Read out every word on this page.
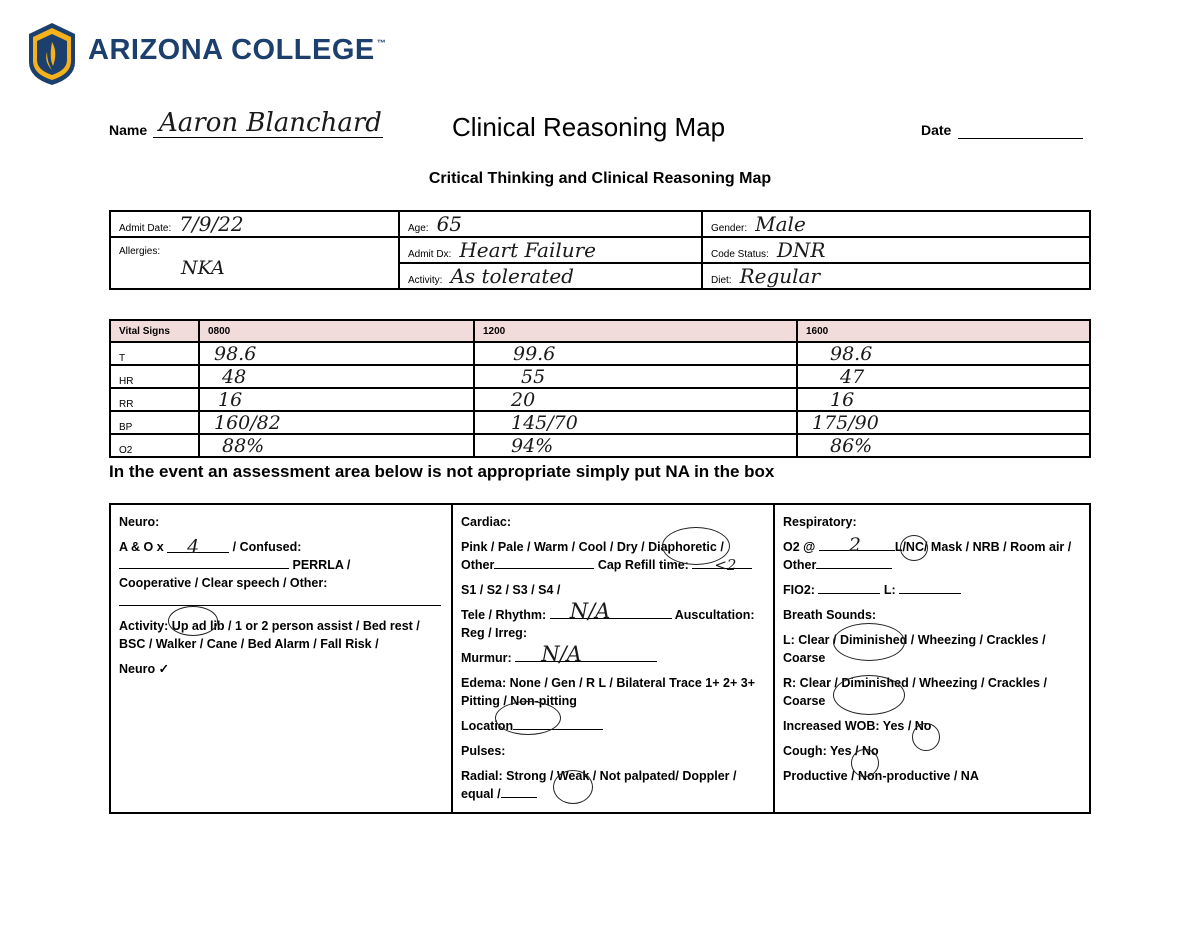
ARIZONA COLLEGE ™
Name Aaron Blanchard	Clinical Reasoning Map	Date
Critical Thinking and Clinical Reasoning Map
Admit Date: 7/9/22	Age: 65	Gender: Male

Allergies:
NKA	Admit Dx: Heart Failure	Code Status: DNR
	Activity: As tolerated	Diet: Regular
Vital Signs	0800	1200	1600
T	98.6	99.6	98.6
HR	48	55	47
RR	16	20	16
BP	160/82	145/70	175/90
O2	88%	94%	86%
In the event an assessment area below is not appropriate simply put NA in the box

Neuro:

A & O x 4	/ Confused:
PERRLA /

Cooperative / Clear speech / Other:

Activity: Up ad lib / 1 or 2 person assist / Bed rest / BSC / Walker / Cane / Bed Alarm / Fall Risk /

Neuro ✓

Cardiac:

Pink / Pale / Warm / Cool / Dry / Diaphoretic /
Other	Cap Refill time: <2

S1 / S2 / S3 / S4 /

Tele / Rhythm: N/A	Auscultation:

Reg / Irreg:

Murmur: N/A

Edema: None / Gen / R L / Bilateral Trace 1+ 2+ 3+ Pitting / Non-pitting

Location

Pulses:

Radial: Strong / Weak / Not palpated/ Doppler / equal /

Respiratory:

O2 @ 2	L/NC/ Mask / NRB / Room air / Other

FIO2:	L:

Breath Sounds:

L: Clear / Diminished / Wheezing / Crackles / Coarse

R: Clear / Diminished / Wheezing / Crackles / Coarse

Increased WOB: Yes / No

Cough: Yes / No

Productive / Non-productive / NA
